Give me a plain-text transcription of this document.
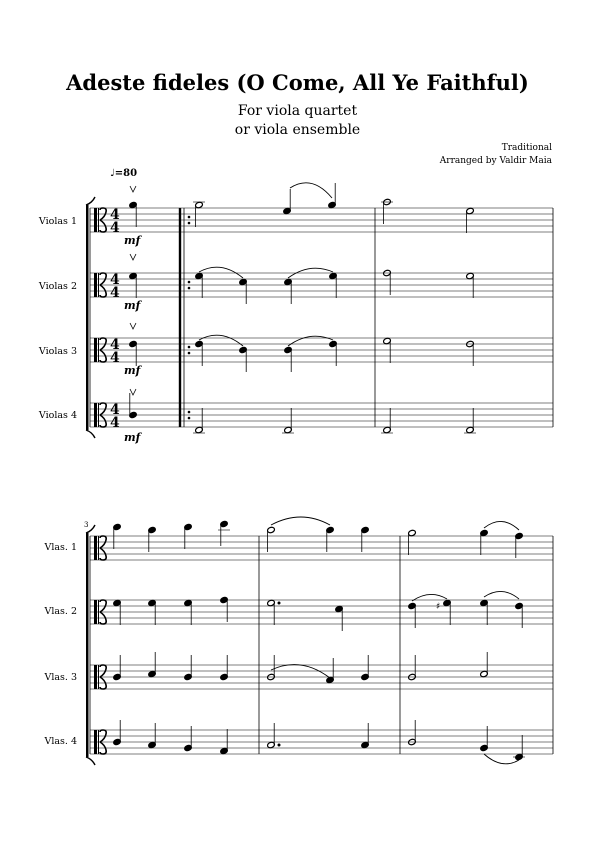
Adeste fideles (O Come, All Ye Faithful)
For viola quartet
or viola ensemble
Traditional
Arranged by Valdir Maia
♩=80
Violas 1
Violas 2
Violas 3
Violas 4
mf
mf
mf
mf
Vlas. 1
Vlas. 2
Vlas. 3
Vlas. 4
3
4
4
4
4
4
4
4
4
♯
